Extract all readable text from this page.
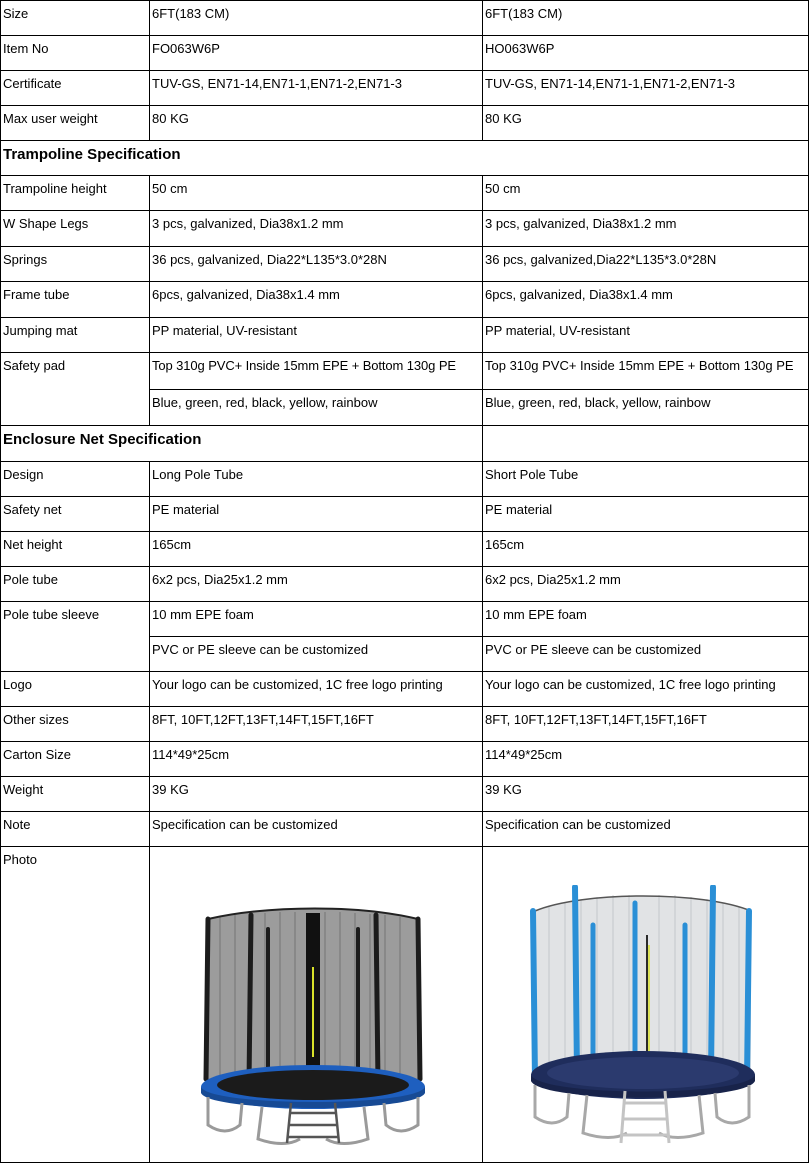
Size	6FT(183 CM)	6FT(183 CM)
Item No	FO063W6P	HO063W6P
Certificate	TUV-GS, EN71-14,EN71-1,EN71-2,EN71-3	TUV-GS, EN71-14,EN71-1,EN71-2,EN71-3
Max user weight	80 KG	80 KG
Trampoline Specification		
Trampoline height	50 cm	50 cm
W Shape Legs	3 pcs, galvanized, Dia38x1.2 mm	3 pcs, galvanized, Dia38x1.2 mm
Springs	36 pcs, galvanized, Dia22*L135*3.0*28N	36 pcs, galvanized,Dia22*L135*3.0*28N
Frame tube	6pcs, galvanized, Dia38x1.4 mm	6pcs, galvanized, Dia38x1.4 mm
Jumping mat	PP material, UV-resistant	PP material, UV-resistant
Safety pad	Top 310g PVC+ Inside 15mm EPE + Bottom 130g PE	Top 310g PVC+ Inside 15mm EPE + Bottom 130g PE
	Blue, green, red, black, yellow, rainbow	Blue, green, red, black, yellow, rainbow
Enclosure Net Specification		
Design	Long Pole Tube	Short Pole Tube
Safety net	PE material	PE material
Net height	165cm	165cm
Pole tube	6x2 pcs, Dia25x1.2 mm	6x2 pcs, Dia25x1.2 mm
Pole tube sleeve	10 mm EPE foam	10 mm EPE foam
	PVC or PE sleeve can be customized	PVC or PE sleeve can be customized
Logo	Your logo can be customized, 1C free logo printing	Your logo can be customized, 1C free logo printing
Other sizes	8FT, 10FT,12FT,13FT,14FT,15FT,16FT	8FT, 10FT,12FT,13FT,14FT,15FT,16FT
Carton Size	114*49*25cm	114*49*25cm
Weight	39 KG	39 KG
Note	Specification can be customized	Specification can be customized
Photo	
